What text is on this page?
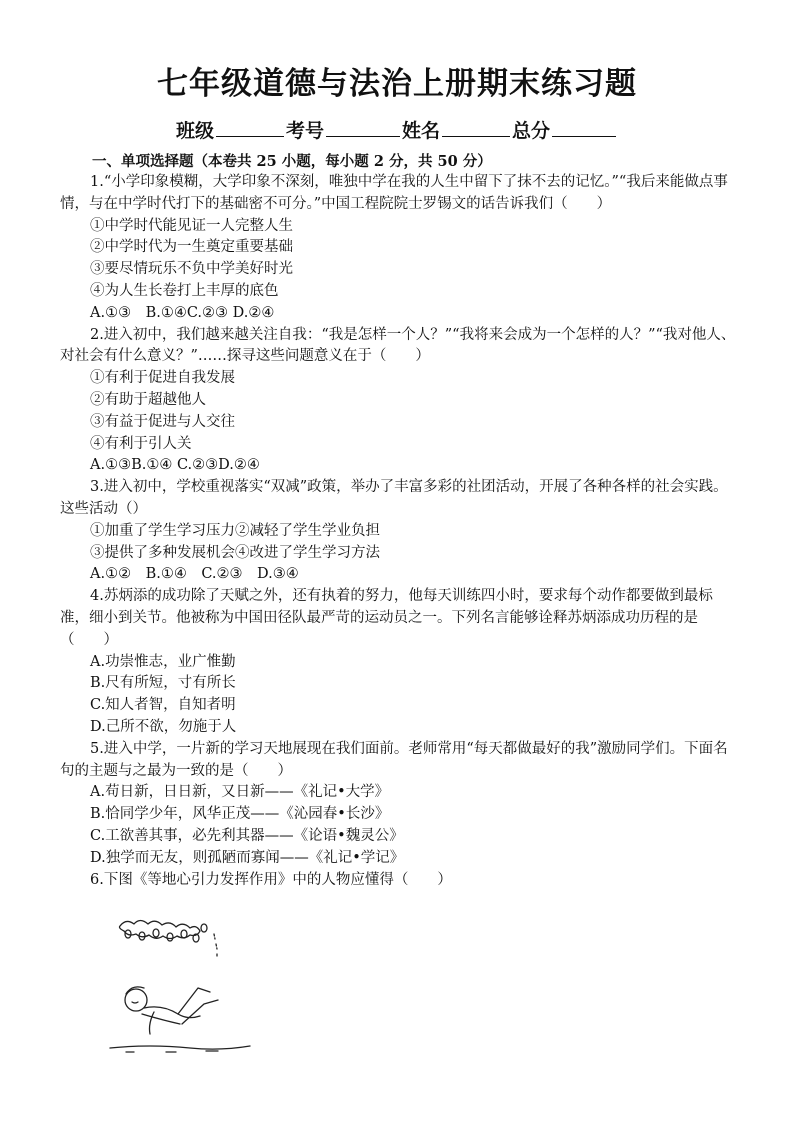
七年级道德与法治上册期末练习题
班级	考号	姓名	总分
一、单项选择题（本卷共 25 小题，每小题 2 分，共 50 分）

1.“小学印象模糊，大学印象不深刻，唯独中学在我的人生中留下了抹不去的记忆。”“我后来能做点事情，与在中学时代打下的基础密不可分。”中国工程院院士罗锡文的话告诉我们（　　）

①中学时代能见证一人完整人生

②中学时代为一生奠定重要基础

③要尽情玩乐不负中学美好时光

④为人生长卷打上丰厚的底色

A.①③　B.①④C.②③ D.②④

2.进入初中，我们越来越关注自我：“我是怎样一个人？”“我将来会成为一个怎样的人？”“我对他人、对社会有什么意义？”……探寻这些问题意义在于（　　）

①有利于促进自我发展

②有助于超越他人

③有益于促进与人交往

④有利于引人关

A.①③B.①④ C.②③D.②④

3.进入初中，学校重视落实“双减”政策，举办了丰富多彩的社团活动，开展了各种各样的社会实践。这些活动（）

①加重了学生学习压力②减轻了学生学业负担

③提供了多种发展机会④改进了学生学习方法

A.①②　B.①④　C.②③　D.③④

4.苏炳添的成功除了天赋之外，还有执着的努力，他每天训练四小时，要求每个动作都要做到最标准，细小到关节。他被称为中国田径队最严苛的运动员之一。下列名言能够诠释苏炳添成功历程的是（　　）

A.功崇惟志，业广惟勤

B.尺有所短，寸有所长

C.知人者智，自知者明

D.己所不欲，勿施于人

5.进入中学，一片新的学习天地展现在我们面前。老师常用“每天都做最好的我”激励同学们。下面名句的主题与之最为一致的是（　　）

A.苟日新，日日新，又日新——《礼记•大学》

B.恰同学少年，风华正茂——《沁园春•长沙》

C.工欲善其事，必先利其器——《论语•魏灵公》

D.独学而无友，则孤陋而寡闻——《礼记•学记》

6.下图《等地心引力发挥作用》中的人物应懂得（　　）
